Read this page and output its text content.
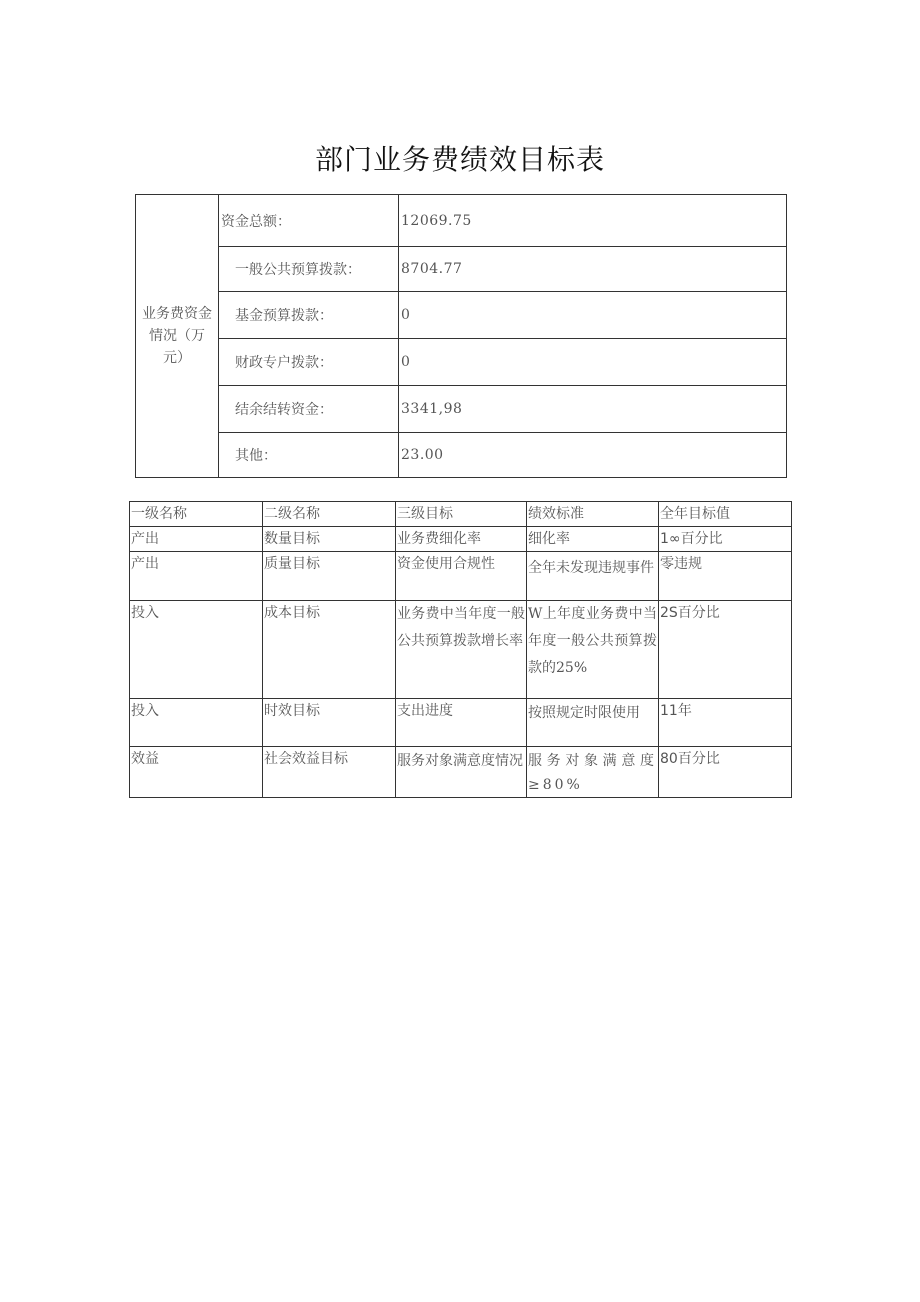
部门业务费绩效目标表
业务费资金情况（万元）	资金总额：	12069.75
	一般公共预算拨款：	8704.77
	基金预算拨款：	0
	财政专户拨款：	0
	结余结转资金：	3341,98
	其他：	23.00
一级名称	二级名称	三级目标	绩效标准	全年目标值
产出	数量目标	业务费细化率	细化率	1∞百分比
产出	质量目标	资金使用合规性	全年未发现违规事件	零违规
投入	成本目标	业务费中当年度一般公共预算拨款增长率	W上年度业务费中当年度一般公共预算拨款的25%	2S百分比
投入	时效目标	支出进度	按照规定时限使用	11年
效益	社会效益目标	服务对象满意度情况	服务对象满意度≥80%	80百分比
